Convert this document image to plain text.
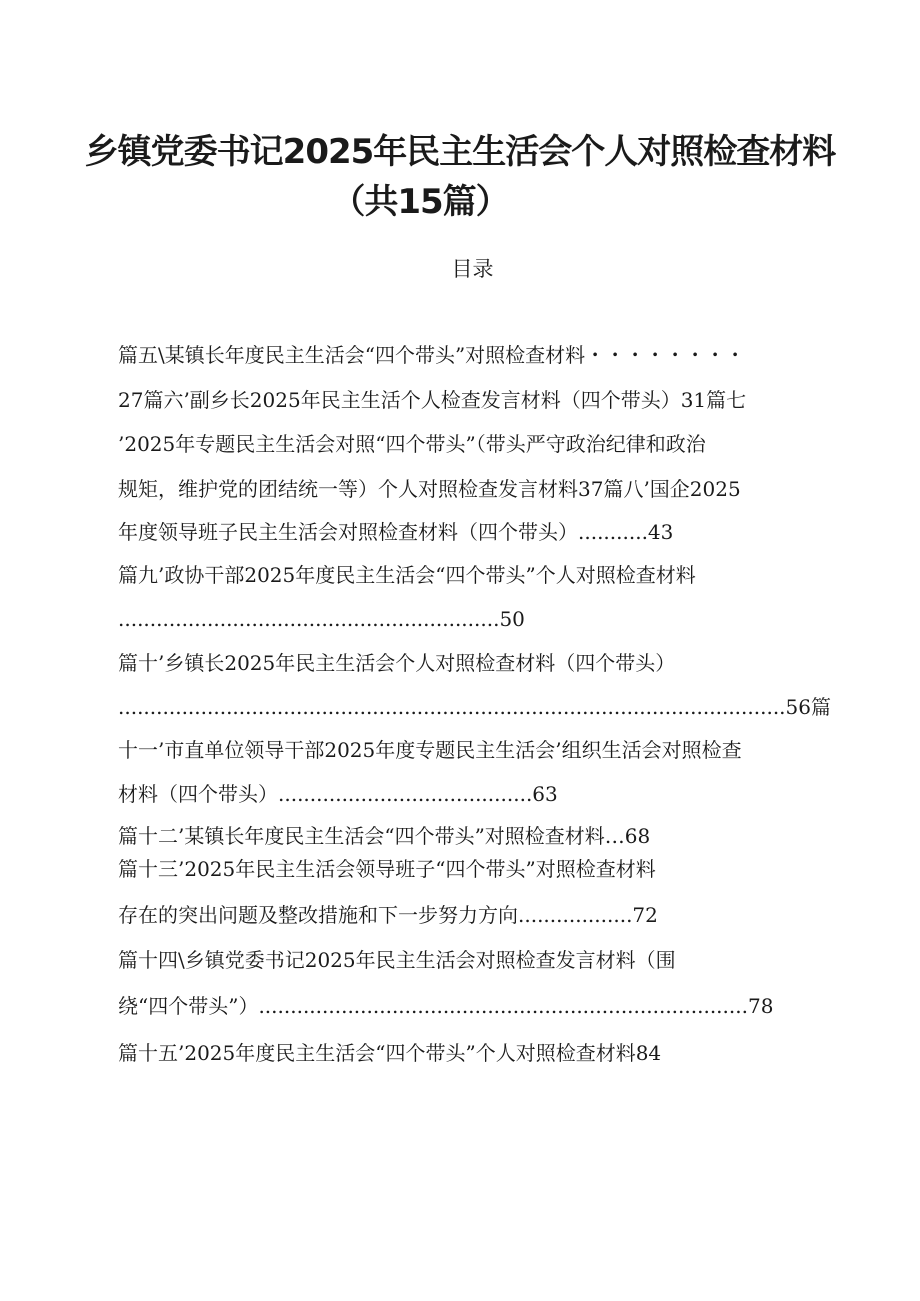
乡镇党委书记2025年民主生活会个人对照检查材料
（共15篇）
目录
篇五\某镇长年度民主生活会“四个带头”对照检查材料・・・・・・・・
27篇六’副乡长2025年民主生活个人检查发言材料（四个带头）31篇七
’2025年专题民主生活会对照“四个带头”（带头严守政治纪律和政治
规矩，维护党的团结统一等）个人对照检查发言材料37篇八’国企2025
年度领导班子民主生活会对照检查材料（四个带头）...........43
篇九’政协干部2025年度民主生活会“四个带头”个人对照检查材料
............................................................50
篇十’乡镇长2025年民主生活会个人对照检查材料（四个带头）
.........................................................................................................56篇
十一’市直单位领导干部2025年度专题民主生活会’组织生活会对照检查
材料（四个带头）........................................63
篇十二’某镇长年度民主生活会“四个带头”对照检查材料…68
篇十三’2025年民主生活会领导班子“四个带头”对照检查材料
存在的突出问题及整改措施和下一步努力方向..................72
篇十四\乡镇党委书记2025年民主生活会对照检查发言材料（围
绕“四个带头”）.............................................................................78
篇十五’2025年度民主生活会“四个带头”个人对照检查材料84
